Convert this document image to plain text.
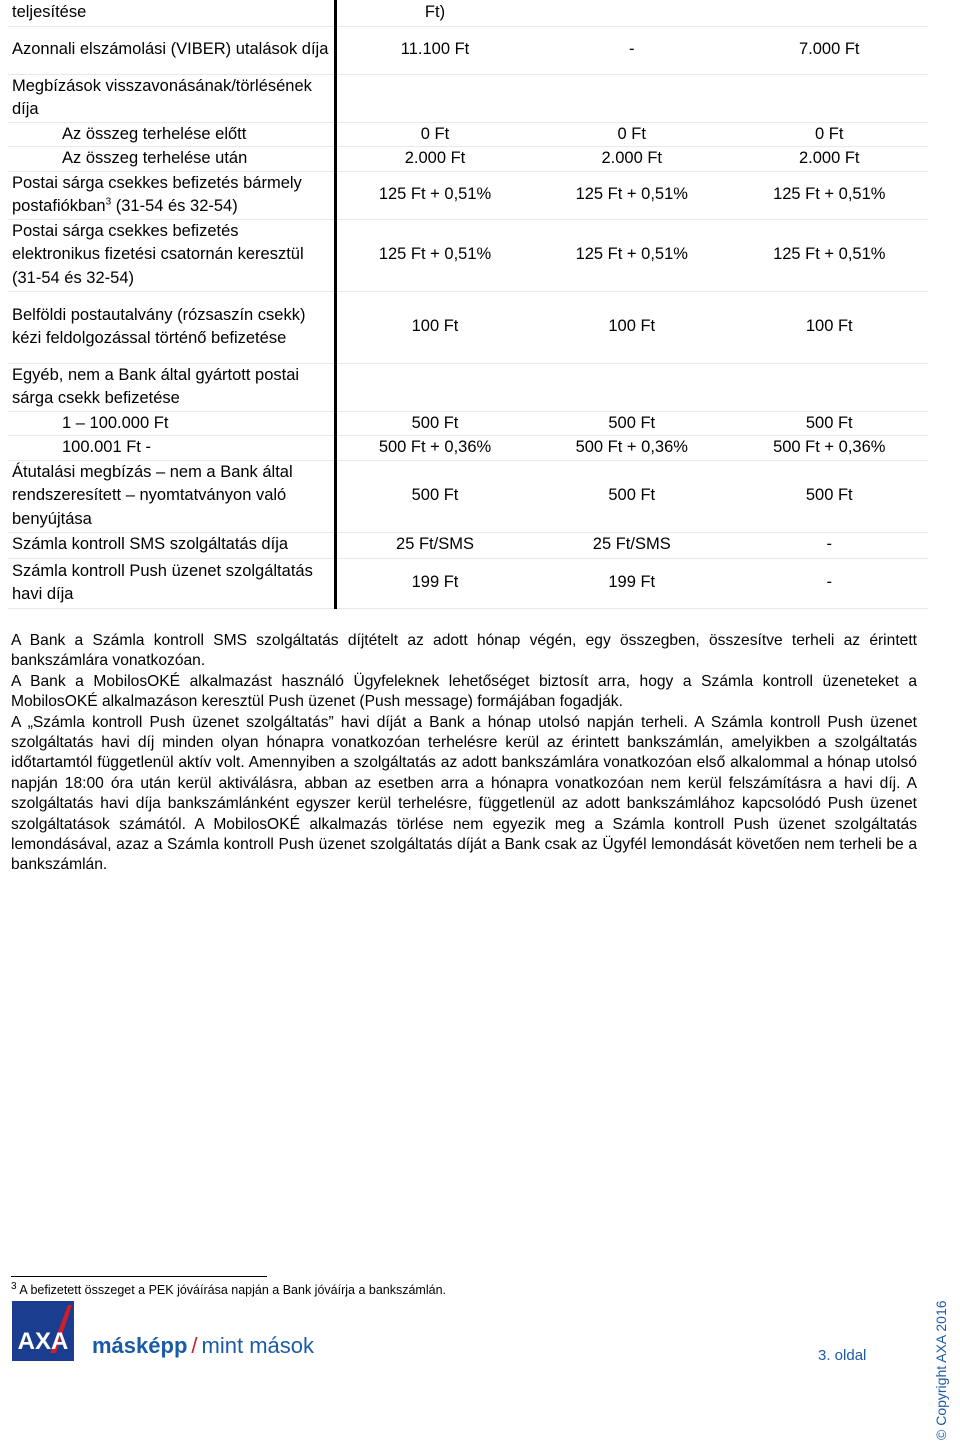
teljesítése	Ft)		
Azonnali elszámolási (VIBER) utalások díja	11.100 Ft	-	7.000 Ft
Megbízások visszavonásának/törlésének díja			
Az összeg terhelése előtt	0 Ft	0 Ft	0 Ft
Az összeg terhelése után	2.000 Ft	2.000 Ft	2.000 Ft
Postai sárga csekkes befizetés bármely postafiókban$^3$ (31-54 és 32-54)	125 Ft + 0,51%	125 Ft + 0,51%	125 Ft + 0,51%
Postai sárga csekkes befizetés elektronikus fizetési csatornán keresztül (31-54 és 32-54)	125 Ft + 0,51%	125 Ft + 0,51%	125 Ft + 0,51%
Belföldi postautalvány (rózsaszín csekk) kézi feldolgozással történő befizetése	100 Ft	100 Ft	100 Ft
Egyéb, nem a Bank által gyártott postai sárga csekk befizetése			
1 – 100.000 Ft	500 Ft	500 Ft	500 Ft
100.001 Ft -	500 Ft + 0,36%	500 Ft + 0,36%	500 Ft + 0,36%
Átutalási megbízás – nem a Bank által rendszeresített – nyomtatványon való benyújtása	500 Ft	500 Ft	500 Ft
Számla kontroll SMS szolgáltatás díja	25 Ft/SMS	25 Ft/SMS	-
Számla kontroll Push üzenet szolgáltatás havi díja	199 Ft	199 Ft	-

A Bank a Számla kontroll SMS szolgáltatás díjtételt az adott hónap végén, egy összegben, összesítve terheli az érintett bankszámlára vonatkozóan.

A Bank a MobilosOKÉ alkalmazást használó Ügyfeleknek lehetőséget biztosít arra, hogy a Számla kontroll üzeneteket a MobilosOKÉ alkalmazáson keresztül Push üzenet (Push message) formájában fogadják.

A „Számla kontroll Push üzenet szolgáltatás” havi díját a Bank a hónap utolsó napján terheli. A Számla kontroll Push üzenet szolgáltatás havi díj minden olyan hónapra vonatkozóan terhelésre kerül az érintett bankszámlán, amelyikben a szolgáltatás időtartamtól függetlenül aktív volt. Amennyiben a szolgáltatás az adott bankszámlára vonatkozóan első alkalommal a hónap utolsó napján 18:00 óra után kerül aktiválásra, abban az esetben arra a hónapra vonatkozóan nem kerül felszámításra a havi díj. A szolgáltatás havi díja bankszámlánként egyszer kerül terhelésre, függetlenül az adott bankszámlához kapcsolódó Push üzenet szolgáltatások számától. A MobilosOKÉ alkalmazás törlése nem egyezik meg a Számla kontroll Push üzenet szolgáltatás lemondásával, azaz a Számla kontroll Push üzenet szolgáltatás díját a Bank csak az Ügyfél lemondását követően nem terheli be a bankszámlán.

$^3$ A befizetett összeget a PEK jóváírása napján a Bank jóváírja a bankszámlán.
© Copyright AXA 2016
AXA másképp / mint mások	3. oldal
